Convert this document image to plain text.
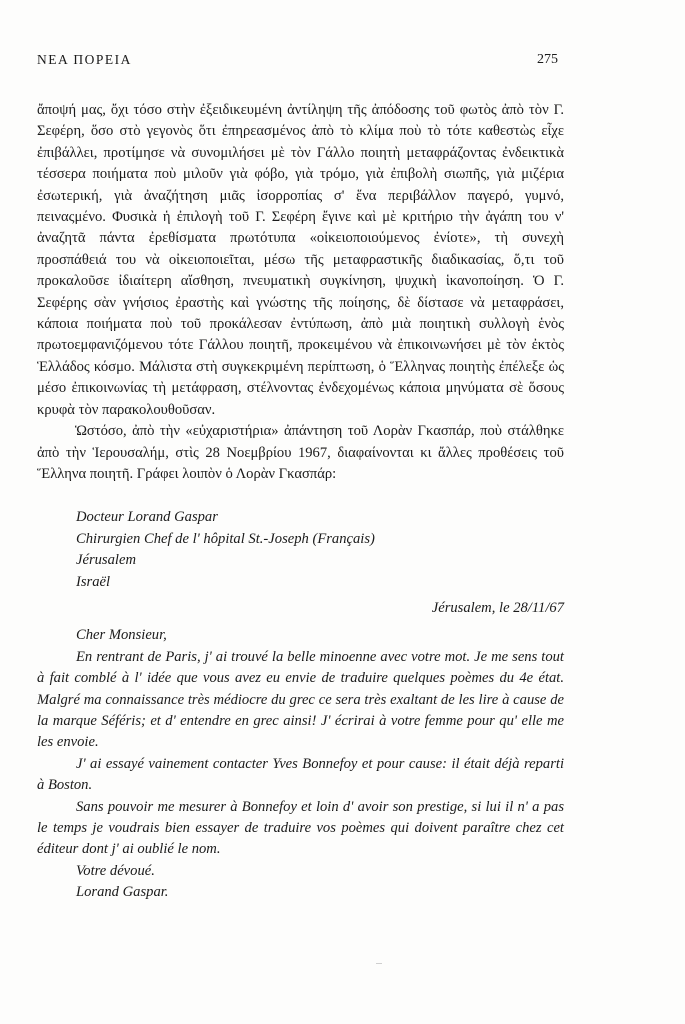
ΝΕΑ ΠΟΡΕΙΑ	275

ἄποψή μας, ὄχι τόσο στὴν ἐξειδικευμένη ἀντίληψη τῆς ἀπόδοσης τοῦ φωτὸς ἀπὸ τὸν Γ. Σεφέρη, ὅσο στὸ γεγονὸς ὅτι ἐπηρεασμένος ἀπὸ τὸ κλίμα ποὺ τὸ τότε καθεστὼς εἶχε ἐπιβάλλει, προτίμησε νὰ συνομιλήσει μὲ τὸν Γάλλο ποιητὴ μεταφράζοντας ἐνδεικτικὰ τέσσερα ποιήματα ποὺ μιλοῦν γιὰ φόβο, γιὰ τρόμο, γιὰ ἐπιβολὴ σιωπῆς, γιὰ μιζέρια ἐσωτερική, γιὰ ἀναζήτηση μιᾶς ἰσορροπίας σ' ἕνα περιβάλλον παγερό, γυμνό, πειναςμένο. Φυσικὰ ἡ ἐπιλογὴ τοῦ Γ. Σεφέρη ἔγινε καὶ μὲ κριτήριο τὴν ἀγάπη του ν' ἀναζητᾶ πάντα ἐρεθίσματα πρωτότυπα «οἰκειοποιούμενος ἐνίοτε», τὴ συνεχὴ προσπάθειά του νὰ οἰκειοποιεῖται, μέσω τῆς μεταφραστικῆς διαδικασίας, ὅ,τι τοῦ προκαλοῦσε ἰδιαίτερη αἴσθηση, πνευματικὴ συγκίνηση, ψυχικὴ ἱκανοποίηση. Ὁ Γ. Σεφέρης σὰν γνήσιος ἐραστὴς καὶ γνώστης τῆς ποίησης, δὲ δίστασε νὰ μεταφράσει, κάποια ποιήματα ποὺ τοῦ προκάλεσαν ἐντύπωση, ἀπὸ μιὰ ποιητικὴ συλλογὴ ἑνὸς πρωτοεμφανιζόμενου τότε Γάλλου ποιητῆ, προκειμένου νὰ ἐπικοινωνήσει μὲ τὸν ἐκτὸς Ἑλλάδος κόσμο. Μάλιστα στὴ συγκεκριμένη περίπτωση, ὁ Ἕλληνας ποιητὴς ἐπέλεξε ὡς μέσο ἐπικοινωνίας τὴ μετάφραση, στέλνοντας ἐνδεχομένως κάποια μηνύματα σὲ ὅσους κρυφὰ τὸν παρακολουθοῦσαν.

Ὡστόσο, ἀπὸ τὴν «εὐχαριστήρια» ἀπάντηση τοῦ Λορὰν Γκασπάρ, ποὺ στάλθηκε ἀπὸ τὴν Ἱερουσαλήμ, στὶς 28 Νοεμβρίου 1967, διαφαίνονται κι ἄλλες προθέσεις τοῦ Ἕλληνα ποιητῆ. Γράφει λοιπὸν ὁ Λορὰν Γκασπάρ:

Docteur Lorand Gaspar

Chirurgien Chef de l' hôpital St.-Joseph (Français)

Jérusalem

Israël

Jérusalem, le 28/11/67

Cher Monsieur,

En rentrant de Paris, j' ai trouvé la belle minoenne avec votre mot. Je me sens tout à fait comblé à l' idée que vous avez eu envie de traduire quelques poèmes du 4e état. Malgré ma connaissance très médiocre du grec ce sera très exaltant de les lire à cause de la marque Séféris; et d' entendre en grec ainsi! J' écrirai à votre femme pour qu' elle me les envoie.

J' ai essayé vainement contacter Yves Bonnefoy et pour cause: il était déjà reparti à Boston.

Sans pouvoir me mesurer à Bonnefoy et loin d' avoir son prestige, si lui il n' a pas le temps je voudrais bien essayer de traduire vos poèmes qui doivent paraître chez cet éditeur dont j' ai oublié le nom.

Votre dévoué.

Lorand Gaspar.
